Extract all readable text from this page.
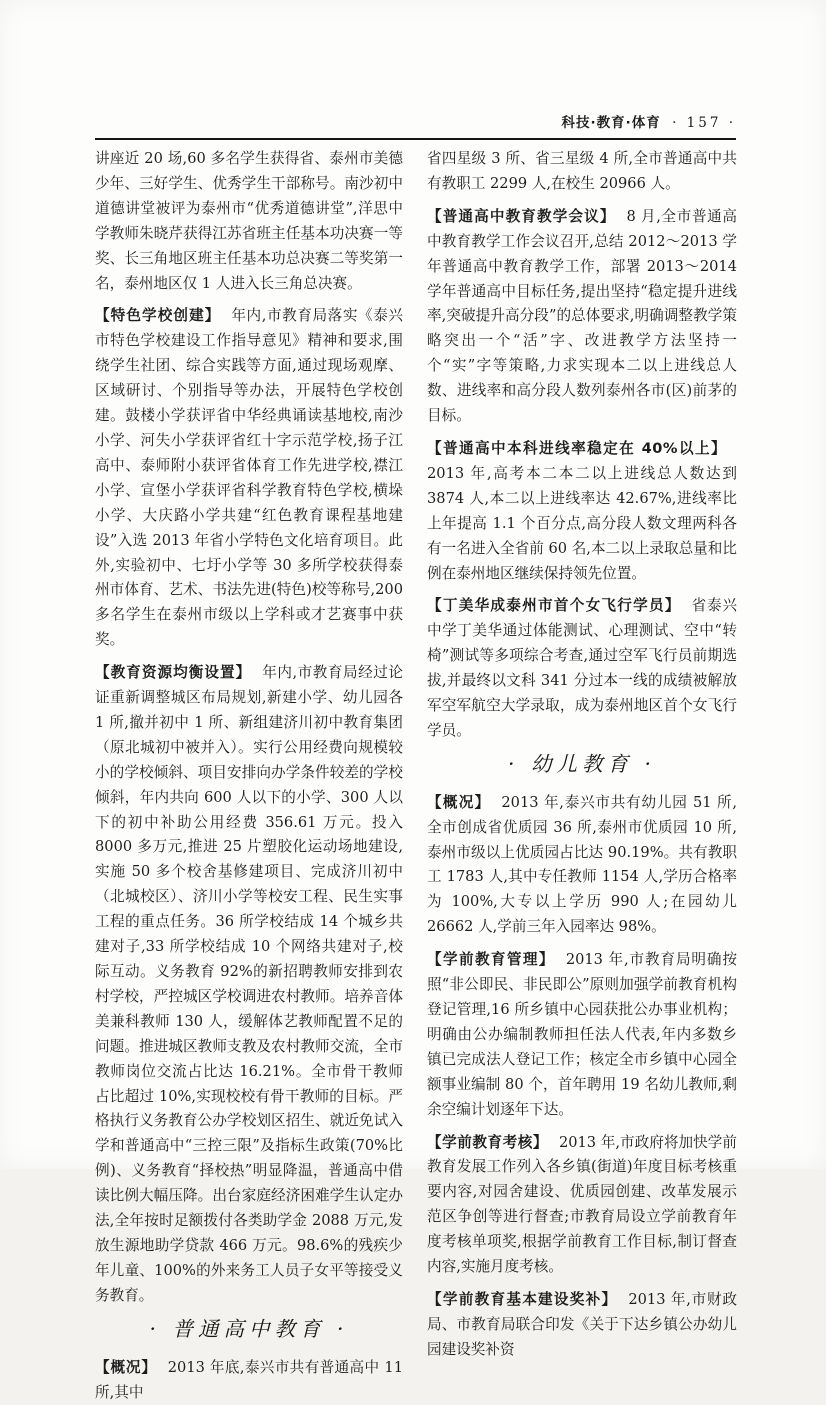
科技·教育·体育 · 157 ·

讲座近 20 场,60 多名学生获得省、泰州市美德少年、三好学生、优秀学生干部称号。南沙初中道德讲堂被评为泰州市“优秀道德讲堂”,洋思中学教师朱晓芹获得江苏省班主任基本功决赛一等奖、长三角地区班主任基本功总决赛二等奖第一名，泰州地区仅 1 人进入长三角总决赛。

【特色学校创建】 年内,市教育局落实《泰兴市特色学校建设工作指导意见》精神和要求,围绕学生社团、综合实践等方面,通过现场观摩、区域研讨、个别指导等办法，开展特色学校创建。鼓楼小学获评省中华经典诵读基地校,南沙小学、河失小学获评省红十字示范学校,扬子江高中、泰师附小获评省体育工作先进学校,襟江小学、宣堡小学获评省科学教育特色学校,横垛小学、大庆路小学共建“红色教育课程基地建设”入选 2013 年省小学特色文化培育项目。此外,实验初中、七圩小学等 30 多所学校获得泰州市体育、艺术、书法先进(特色)校等称号,200 多名学生在泰州市级以上学科或才艺赛事中获奖。

【教育资源均衡设置】 年内,市教育局经过论证重新调整城区布局规划,新建小学、幼儿园各 1 所,撤并初中 1 所、新组建济川初中教育集团（原北城初中被并入）。实行公用经费向规模较小的学校倾斜、项目安排向办学条件较差的学校倾斜，年内共向 600 人以下的小学、300 人以下的初中补助公用经费 356.61 万元。投入 8000 多万元,推进 25 片塑胶化运动场地建设,实施 50 多个校舍基修建项目、完成济川初中（北城校区）、济川小学等校安工程、民生实事工程的重点任务。36 所学校结成 14 个城乡共建对子,33 所学校结成 10 个网络共建对子,校际互动。义务教育 92%的新招聘教师安排到农村学校，严控城区学校调进农村教师。培养音体美兼科教师 130 人，缓解体艺教师配置不足的问题。推进城区教师支教及农村教师交流，全市教师岗位交流占比达 16.21%。全市骨干教师占比超过 10%,实现校校有骨干教师的目标。严格执行义务教育公办学校划区招生、就近免试入学和普通高中“三控三限”及指标生政策(70%比例)、义务教育“择校热”明显降温，普通高中借读比例大幅压降。出台家庭经济困难学生认定办法,全年按时足额拨付各类助学金 2088 万元,发放生源地助学贷款 466 万元。98.6%的残疾少年儿童、100%的外来务工人员子女平等接受义务教育。

· 普通高中教育 ·

【概况】 2013 年底,泰兴市共有普通高中 11 所,其中

省四星级 3 所、省三星级 4 所,全市普通高中共有教职工 2299 人,在校生 20966 人。

【普通高中教育教学会议】 8 月,全市普通高中教育教学工作会议召开,总结 2012～2013 学年普通高中教育教学工作，部署 2013～2014 学年普通高中目标任务,提出坚持“稳定提升进线率,突破提升高分段”的总体要求,明确调整教学策略突出一个“活”字、改进教学方法坚持一个“实”字等策略,力求实现本二以上进线总人数、进线率和高分段人数列泰州各市(区)前茅的目标。

【普通高中本科进线率稳定在 40%以上】2013 年,高考本二本二以上进线总人数达到 3874 人,本二以上进线率达 42.67%,进线率比上年提高 1.1 个百分点,高分段人数文理两科各有一名进入全省前 60 名,本二以上录取总量和比例在泰州地区继续保持领先位置。

【丁美华成泰州市首个女飞行学员】 省泰兴中学丁美华通过体能测试、心理测试、空中“转椅”测试等多项综合考查,通过空军飞行员前期选拔,并最终以文科 341 分过本一线的成绩被解放军空军航空大学录取，成为泰州地区首个女飞行学员。

· 幼儿教育 ·

【概况】 2013 年,泰兴市共有幼儿园 51 所,全市创成省优质园 36 所,泰州市优质园 10 所,泰州市级以上优质园占比达 90.19%。共有教职工 1783 人,其中专任教师 1154 人,学历合格率为 100%,大专以上学历 990 人;在园幼儿 26662 人,学前三年入园率达 98%。

【学前教育管理】 2013 年,市教育局明确按照“非公即民、非民即公”原则加强学前教育机构登记管理,16 所乡镇中心园获批公办事业机构；明确由公办编制教师担任法人代表,年内多数乡镇已完成法人登记工作；核定全市乡镇中心园全额事业编制 80 个，首年聘用 19 名幼儿教师,剩余空编计划逐年下达。

【学前教育考核】 2013 年,市政府将加快学前教育发展工作列入各乡镇(街道)年度目标考核重要内容,对园舍建设、优质园创建、改革发展示范区争创等进行督查;市教育局设立学前教育年度考核单项奖,根据学前教育工作目标,制订督查内容,实施月度考核。

【学前教育基本建设奖补】 2013 年,市财政局、市教育局联合印发《关于下达乡镇公办幼儿园建设奖补资
